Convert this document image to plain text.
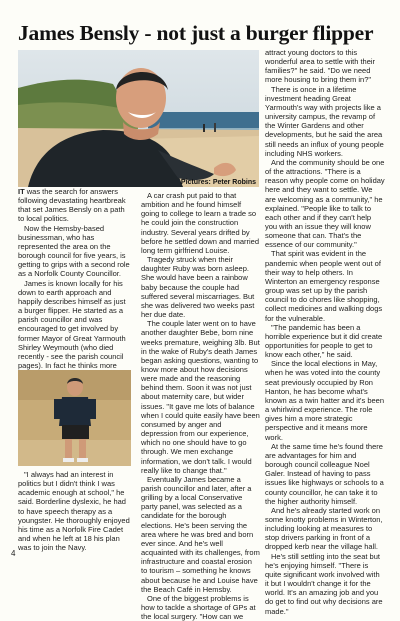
James Bensly - not just a burger flipper
Pictures: Peter Robins

IT was the search for answers following devastating heartbreak that set James Bensly on a path to local politics.

Now the Hemsby-based businessman, who has represented the area on the borough council for five years, is getting to grips with a second role as a Norfolk County Councillor.

James is known locally for his down to earth approach and happily describes himself as just a burger flipper. He started as a parish councillor and was encouraged to get involved by former Mayor of Great Yarmouth Shirley Weymouth (who died recently - see the parish council pages). In fact he thinks more

"I always had an interest in politics but I didn't think I was academic enough at school," he said. Borderline dyslexic, he had to have speech therapy as a youngster. He thoroughly enjoyed his time as a Norfolk Fire Cadet and when he left at 18 his plan was to join the Navy.

A car crash put paid to that ambition and he found himself going to college to learn a trade so he could join the construction industry. Several years drifted by before he settled down and married long term girlfriend Louise.

Tragedy struck when their daughter Ruby was born asleep. She would have been a rainbow baby because the couple had suffered several miscarriages. But she was delivered two weeks past her due date.

The couple later went on to have another daughter Bebe, born nine weeks premature, weighing 3lb. But in the wake of Ruby's death James began asking questions, wanting to know more about how decisions were made and the reasoning behind them. Soon it was not just about maternity care, but wider issues. "It gave me lots of balance when I could quite easily have been consumed by anger and depression from our experience, which no one should have to go through. We men exchange information, we don't talk. I would really like to change that."

Eventually James became a parish councillor and later, after a grilling by a local Conservative party panel, was selected as a candidate for the borough elections. He's been serving the area where he was bred and born ever since. And he's well acquainted with its challenges, from infrastructure and coastal erosion to tourism – something he knows about because he and Louise have the Beach Café in Hemsby.

One of the biggest problems is how to tackle a shortage of GPs at the local surgery. "How can we

attract young doctors to this wonderful area to settle with their families?" he said. "Do we need more housing to bring them in?"

There is once in a lifetime investment heading Great Yarmouth's way with projects like a university campus, the revamp of the Winter Gardens and other developments, but he said the area still needs an influx of young people including NHS workers.

And the community should be one of the attractions. "There is a reason why people come on holiday here and they want to settle. We are welcoming as a community," he explained. "People like to talk to each other and if they can't help you with an issue they will know someone that can. That's the essence of our community."

That spirit was evident in the pandemic when people went out of their way to help others. In Winterton an emergency response group was set up by the parish council to do chores like shopping, collect medicines and walking dogs for the vulnerable.

"The pandemic has been a horrible experience but it did create opportunities for people to get to know each other," he said.

Since the local elections in May, when he was voted into the county seat previously occupied by Ron Hanton, he has become what's known as a twin hatter and it's been a whirlwind experience. The role gives him a more strategic perspective and it means more work.

At the same time he's found there are advantages for him and borough council colleague Noel Galer. Instead of having to pass issues like highways or schools to a county councillor, he can take it to the higher authority himself.

And he's already started work on some knotty problems in Winterton, including looking at measures to stop drivers parking in front of a dropped kerb near the village hall.

He's still settling into the seat but he's enjoying himself. "There is quite significant work involved with it but I wouldn't change it for the world. It's an amazing job and you do get to find out why decisions are made."

4
